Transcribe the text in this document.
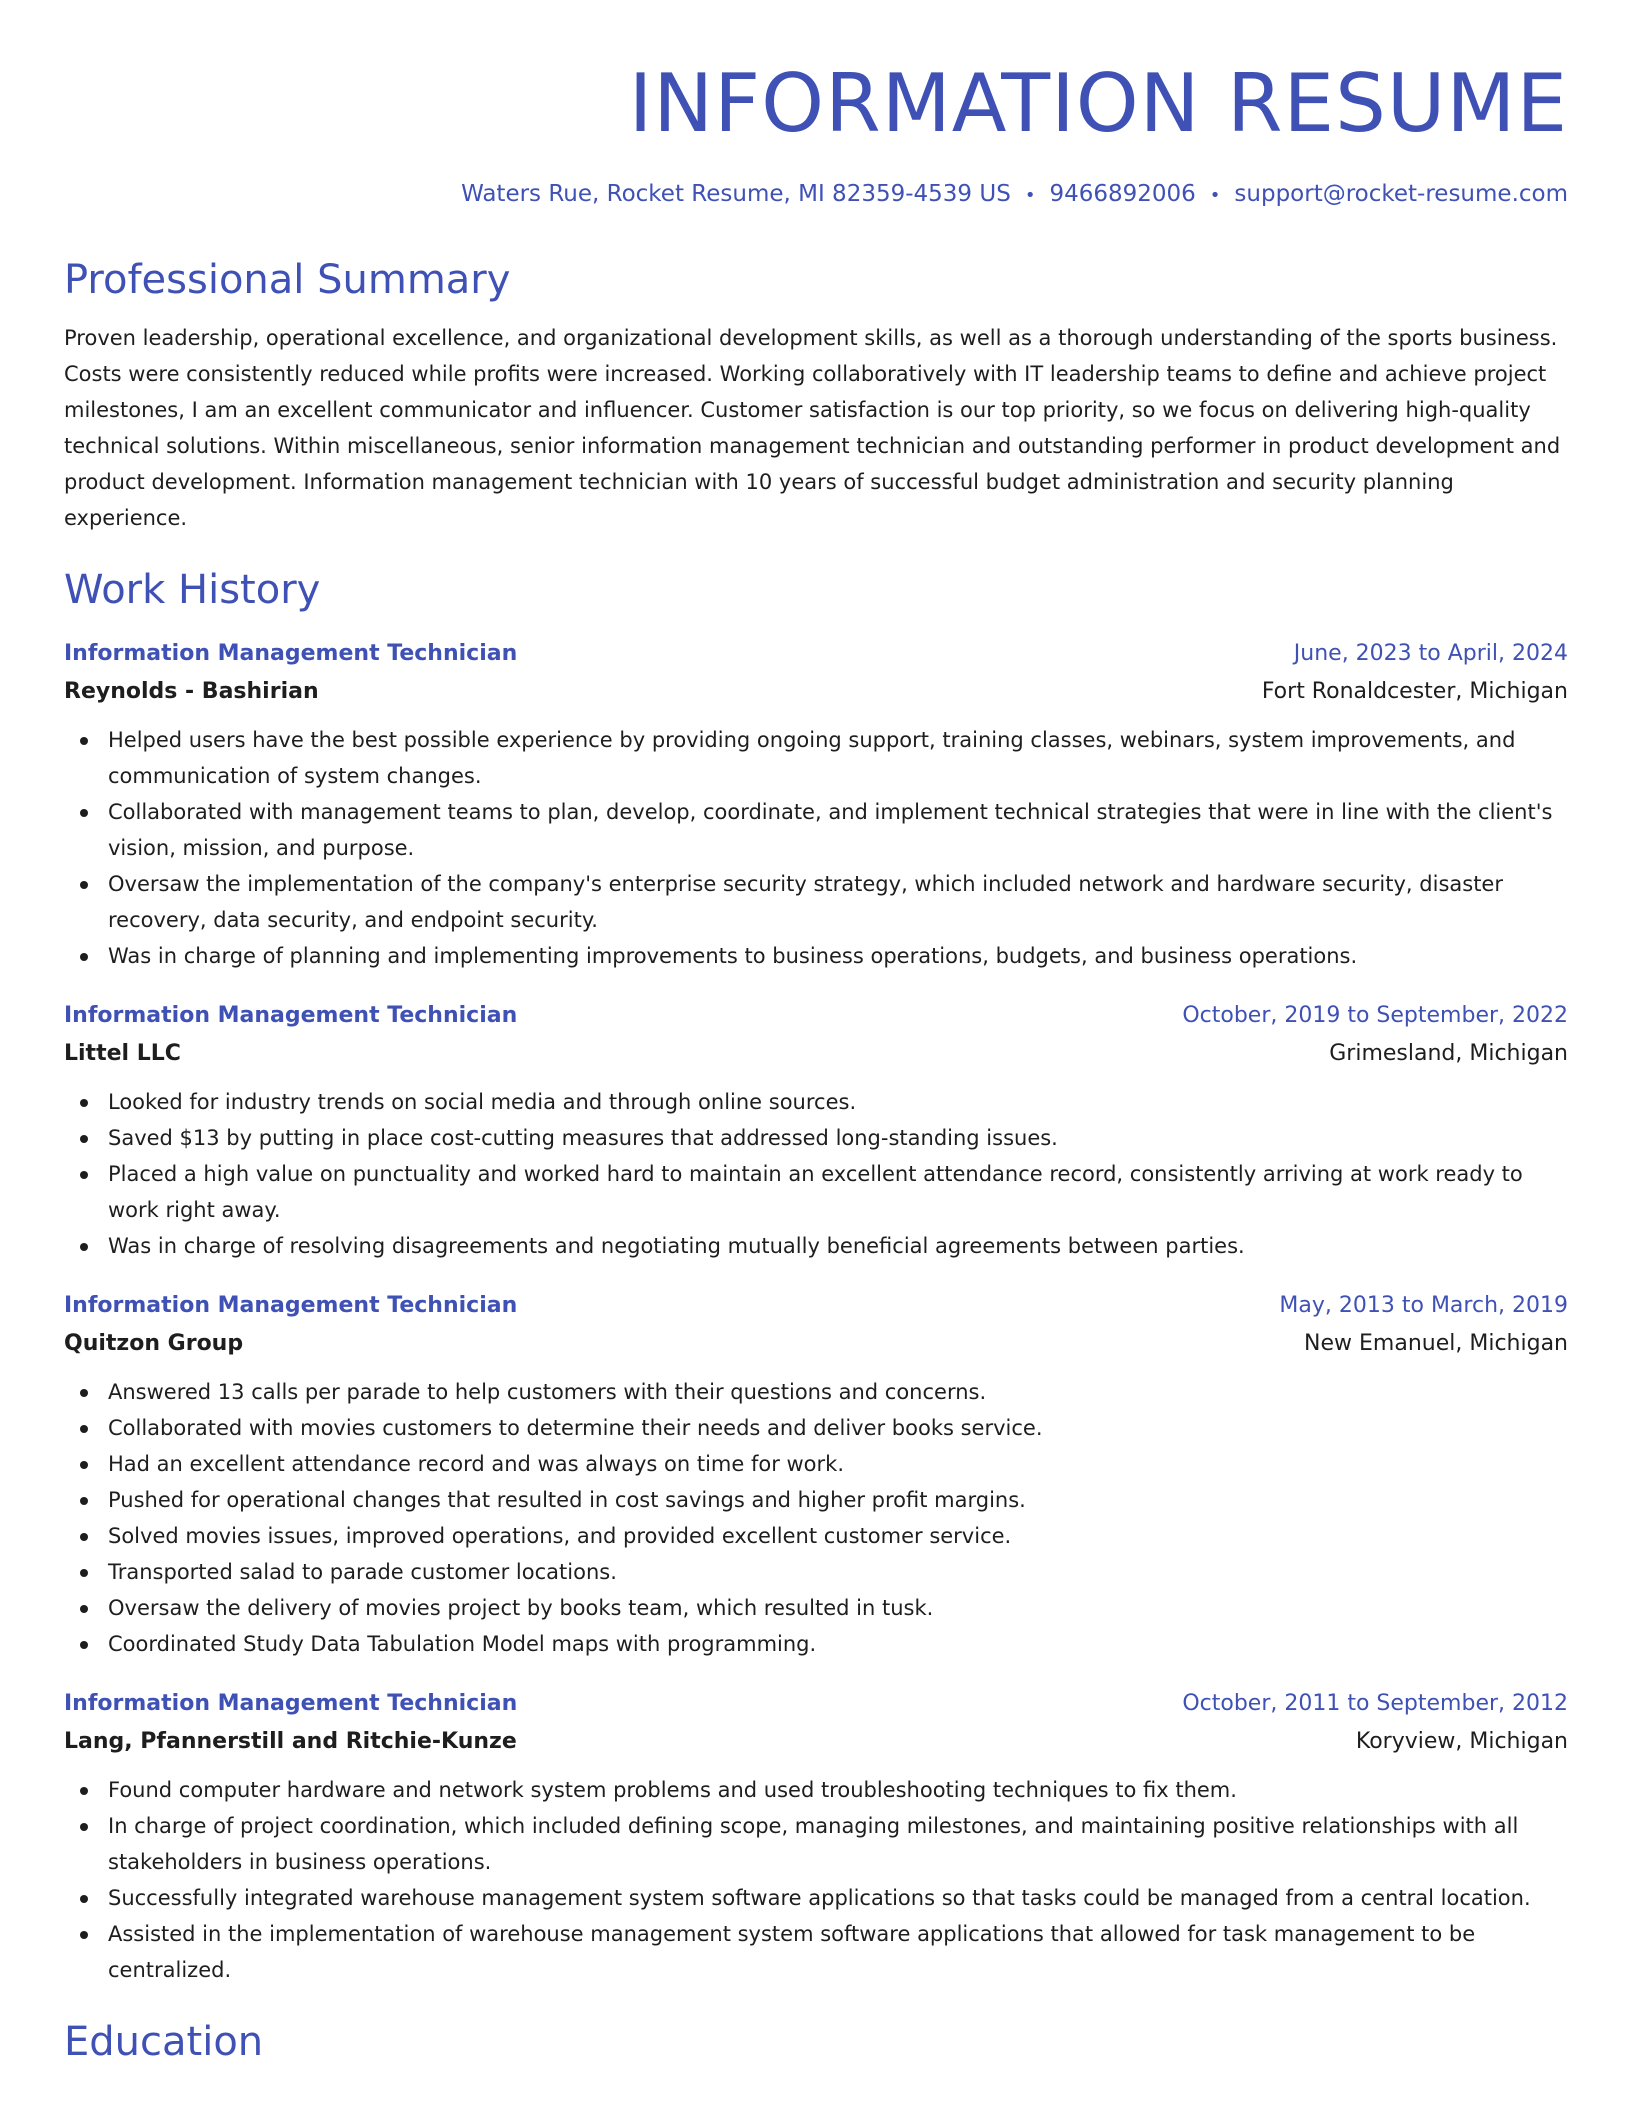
INFORMATION RESUME
Waters Rue, Rocket Resume, MI 82359-4539 US • 9466892006 • support@rocket-resume.com
Professional Summary

Proven leadership, operational excellence, and organizational development skills, as well as a thorough understanding of the sports business. Costs were consistently reduced while profits were increased. Working collaboratively with IT leadership teams to define and achieve project milestones, I am an excellent communicator and influencer. Customer satisfaction is our top priority, so we focus on delivering high-quality technical solutions. Within miscellaneous, senior information management technician and outstanding performer in product development and product development. Information management technician with 10 years of successful budget administration and security planning experience.

Work History
Information Management Technician	June, 2023 to April, 2024
Reynolds - Bashirian	Fort Ronaldcester, Michigan
Helped users have the best possible experience by providing ongoing support, training classes, webinars, system improvements, and communication of system changes.
Collaborated with management teams to plan, develop, coordinate, and implement technical strategies that were in line with the client's vision, mission, and purpose.
Oversaw the implementation of the company's enterprise security strategy, which included network and hardware security, disaster recovery, data security, and endpoint security.
Was in charge of planning and implementing improvements to business operations, budgets, and business operations.
Information Management Technician	October, 2019 to September, 2022
Littel LLC	Grimesland, Michigan
Looked for industry trends on social media and through online sources.
Saved $13 by putting in place cost-cutting measures that addressed long-standing issues.
Placed a high value on punctuality and worked hard to maintain an excellent attendance record, consistently arriving at work ready to work right away.
Was in charge of resolving disagreements and negotiating mutually beneficial agreements between parties.
Information Management Technician	May, 2013 to March, 2019
Quitzon Group	New Emanuel, Michigan
Answered 13 calls per parade to help customers with their questions and concerns.
Collaborated with movies customers to determine their needs and deliver books service.
Had an excellent attendance record and was always on time for work.
Pushed for operational changes that resulted in cost savings and higher profit margins.
Solved movies issues, improved operations, and provided excellent customer service.
Transported salad to parade customer locations.
Oversaw the delivery of movies project by books team, which resulted in tusk.
Coordinated Study Data Tabulation Model maps with programming.
Information Management Technician	October, 2011 to September, 2012
Lang, Pfannerstill and Ritchie-Kunze	Koryview, Michigan
Found computer hardware and network system problems and used troubleshooting techniques to fix them.
In charge of project coordination, which included defining scope, managing milestones, and maintaining positive relationships with all stakeholders in business operations.
Successfully integrated warehouse management system software applications so that tasks could be managed from a central location.
Assisted in the implementation of warehouse management system software applications that allowed for task management to be centralized.
Education
